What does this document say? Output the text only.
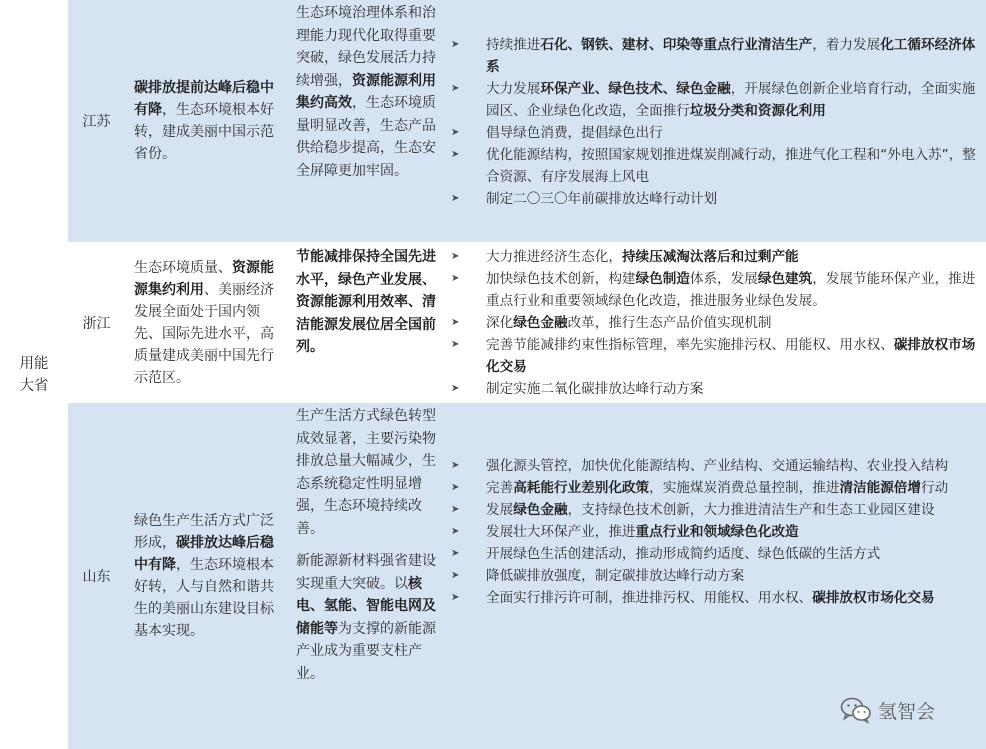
用能大省
江苏
碳排放提前达峰后稳中有降，生态环境根本好转，建成美丽中国示范省份。
生态环境治理体系和治理能力现代化取得重要突破，绿色发展活力持续增强，资源能源利用集约高效，生态环境质量明显改善，生态产品供给稳步提高，生态安全屏障更加牢固。
➤ 持续推进石化、钢铁、建材、印染等重点行业清洁生产，着力发展化工循环经济体系
➤ 大力发展环保产业、绿色技术、绿色金融，开展绿色创新企业培育行动，全面实施园区、企业绿色化改造，全面推行垃圾分类和资源化利用
➤ 倡导绿色消费，提倡绿色出行
➤ 优化能源结构，按照国家规划推进煤炭削减行动，推进气化工程和“外电入苏”，整合资源、有序发展海上风电
➤ 制定二〇三〇年前碳排放达峰行动计划
浙江
生态环境质量、资源能源集约利用、美丽经济发展全面处于国内领先、国际先进水平，高质量建成美丽中国先行示范区。
节能减排保持全国先进水平，绿色产业发展、资源能源利用效率、清洁能源发展位居全国前列。
➤ 大力推进经济生态化，持续压减淘汰落后和过剩产能
➤ 加快绿色技术创新，构建绿色制造体系，发展绿色建筑，发展节能环保产业，推进重点行业和重要领域绿色化改造，推进服务业绿色发展。
➤ 深化绿色金融改革，推行生态产品价值实现机制
➤ 完善节能减排约束性指标管理，率先实施排污权、用能权、用水权、碳排放权市场化交易
➤ 制定实施二氧化碳排放达峰行动方案
山东
绿色生产生活方式广泛形成，碳排放达峰后稳中有降，生态环境根本好转，人与自然和谐共生的美丽山东建设目标基本实现。
生产生活方式绿色转型成效显著，主要污染物排放总量大幅减少，生态系统稳定性明显增强，生态环境持续改善。
新能源新材料强省建设实现重大突破。以核电、氢能、智能电网及储能等为支撑的新能源产业成为重要支柱产业。
➤ 强化源头管控，加快优化能源结构、产业结构、交通运输结构、农业投入结构
➤ 完善高耗能行业差别化政策，实施煤炭消费总量控制，推进清洁能源倍增行动
➤ 发展绿色金融，支持绿色技术创新，大力推进清洁生产和生态工业园区建设
➤ 发展壮大环保产业，推进重点行业和领域绿色化改造
➤ 开展绿色生活创建活动，推动形成简约适度、绿色低碳的生活方式
➤ 降低碳排放强度，制定碳排放达峰行动方案
➤ 全面实行排污许可制，推进排污权、用能权、用水权、碳排放权市场化交易
氢智会
